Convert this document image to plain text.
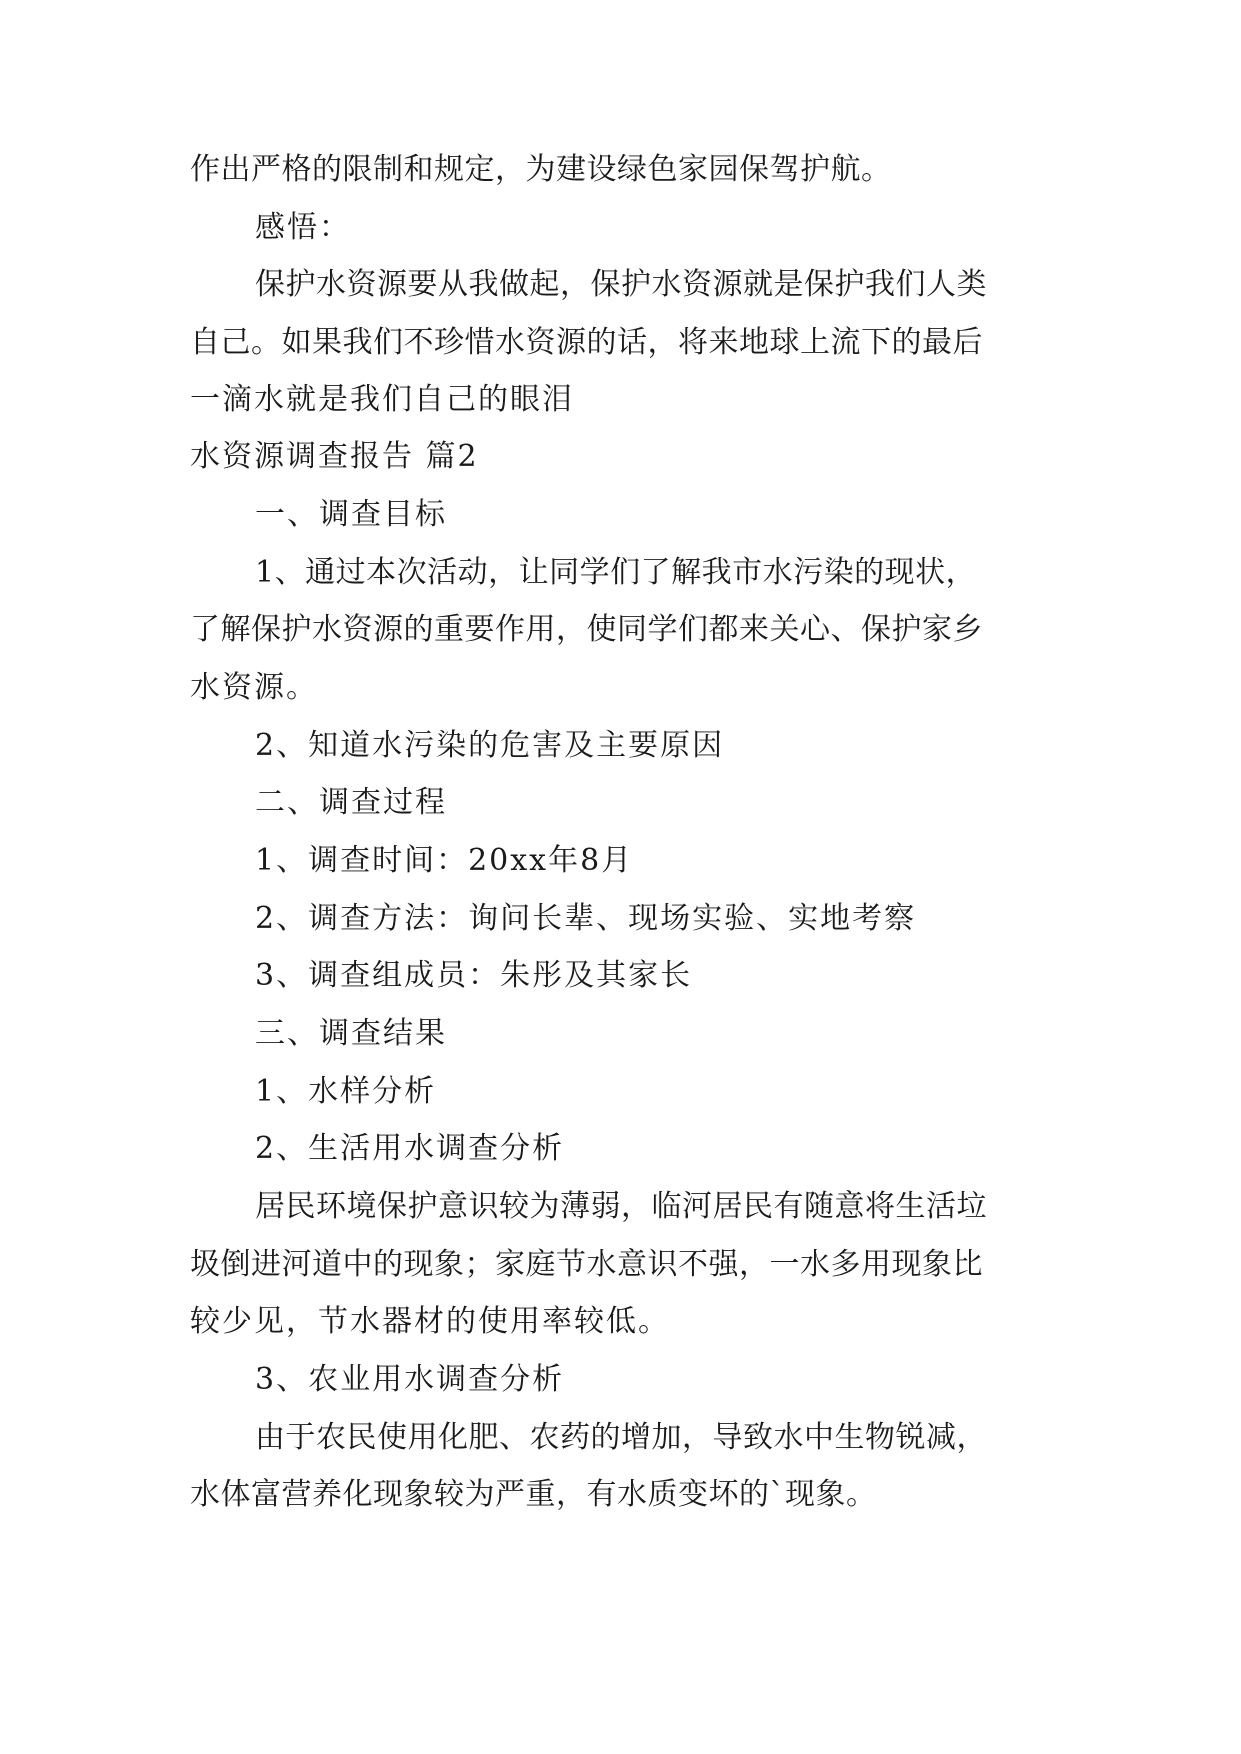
作出严格的限制和规定，为建设绿色家园保驾护航。
感悟：
保护水资源要从我做起，保护水资源就是保护我们人类
自己。如果我们不珍惜水资源的话，将来地球上流下的最后
一滴水就是我们自己的眼泪
水资源调查报告 篇2
一、调查目标
1、通过本次活动，让同学们了解我市水污染的现状，
了解保护水资源的重要作用，使同学们都来关心、保护家乡
水资源。
2、知道水污染的危害及主要原因
二、调查过程
1、调查时间：20xx年8月
2、调查方法：询问长辈、现场实验、实地考察
3、调查组成员：朱彤及其家长
三、调查结果
1、水样分析
2、生活用水调查分析
居民环境保护意识较为薄弱，临河居民有随意将生活垃
圾倒进河道中的现象；家庭节水意识不强，一水多用现象比
较少见，节水器材的使用率较低。
3、农业用水调查分析
由于农民使用化肥、农药的增加，导致水中生物锐减，
水体富营养化现象较为严重，有水质变坏的`现象。
